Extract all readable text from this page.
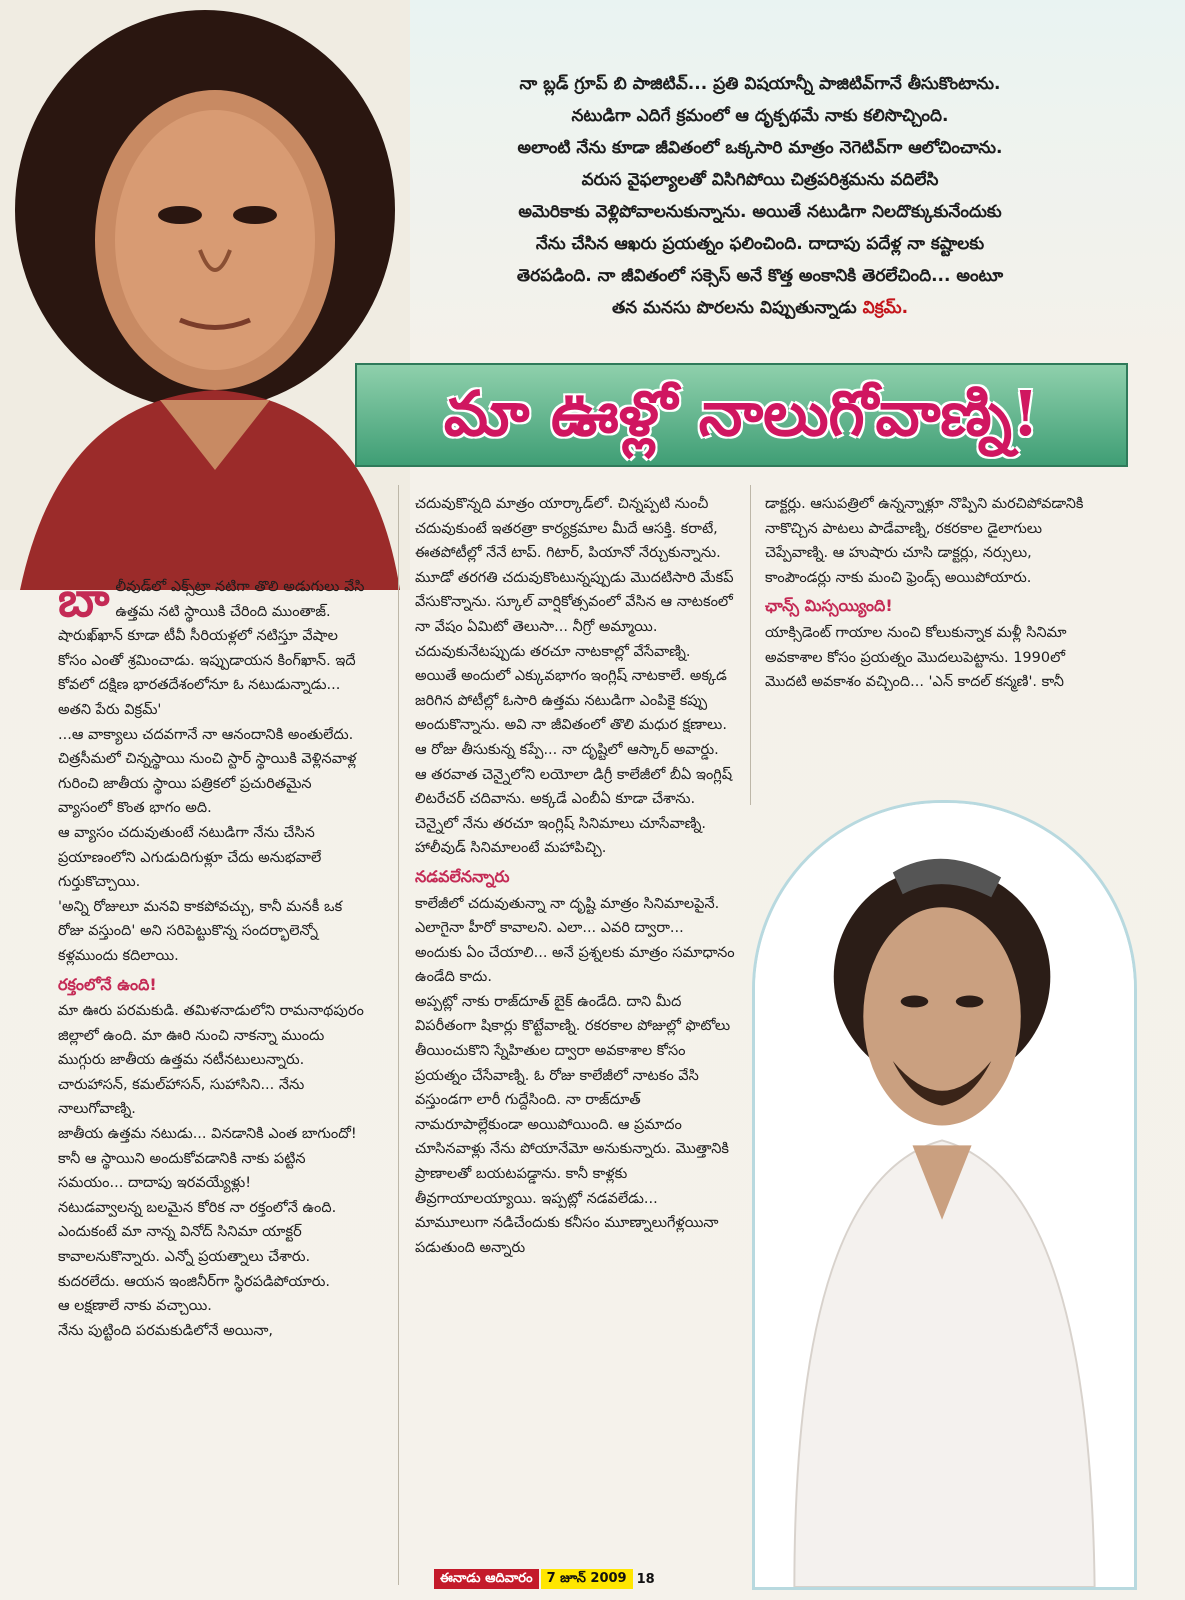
నా బ్లడ్ గ్రూప్ బి పాజిటివ్... ప్రతి విషయాన్నీ పాజిటివ్‌గానే తీసుకొంటాను.
నటుడిగా ఎదిగే క్రమంలో ఆ దృక్పథమే నాకు కలిసొచ్చింది.
అలాంటి నేను కూడా జీవితంలో ఒక్కసారి మాత్రం నెగెటివ్‌గా ఆలోచించాను.
వరుస వైఫల్యాలతో విసిగిపోయి చిత్రపరిశ్రమను వదిలేసి
అమెరికాకు వెళ్లిపోవాలనుకున్నాను. అయితే నటుడిగా నిలదొక్కుకునేందుకు
నేను చేసిన ఆఖరు ప్రయత్నం ఫలించింది. దాదాపు పదేళ్ల నా కష్టాలకు
తెరపడింది. నా జీవితంలో సక్సెస్ అనే కొత్త అంకానికి తెరలేచింది... అంటూ
తన మనసు పొరలను విప్పుతున్నాడు విక్రమ్.
మా ఊళ్లో నాలుగోవాణ్ని!

బాలీవుడ్‌లో ఎక్స్‌ట్రా నటిగా తొలి అడుగులు వేసి ఉత్తమ నటి స్థాయికి చేరింది ముంతాజ్. షారుఖ్‌ఖాన్ కూడా టీవీ సీరియళ్లలో నటిస్తూ వేషాల కోసం ఎంతో శ్రమించాడు. ఇప్పుడాయన కింగ్‌ఖాన్. ఇదే కోవలో దక్షిణ భారతదేశంలోనూ ఓ నటుడున్నాడు... అతని పేరు విక్రమ్'

...ఆ వాక్యాలు చదవగానే నా ఆనందానికి అంతులేదు. చిత్రసీమలో చిన్నస్థాయి నుంచి స్టార్ స్థాయికి వెళ్లినవాళ్ల గురించి జాతీయ స్థాయి పత్రికలో ప్రచురితమైన వ్యాసంలో కొంత భాగం అది.

ఆ వ్యాసం చదువుతుంటే నటుడిగా నేను చేసిన ప్రయాణంలోని ఎగుడుదిగుళ్లూ చేదు అనుభవాలే గుర్తుకొచ్చాయి.

'అన్ని రోజులూ మనవి కాకపోవచ్చు, కానీ మనకీ ఒక రోజు వస్తుంది' అని సరిపెట్టుకొన్న సందర్భాలెన్నో కళ్లముందు కదిలాయి.

రక్తంలోనే ఉంది!

మా ఊరు పరమకుడి. తమిళనాడులోని రామనాథపురం జిల్లాలో ఉంది. మా ఊరి నుంచి నాకన్నా ముందు ముగ్గురు జాతీయ ఉత్తమ నటీనటులున్నారు.

చారుహాసన్, కమల్‌హాసన్, సుహాసిని... నేను నాలుగోవాణ్ని.

జాతీయ ఉత్తమ నటుడు... వినడానికి ఎంత బాగుందో!

కానీ ఆ స్థాయిని అందుకోవడానికి నాకు పట్టిన సమయం... దాదాపు ఇరవయ్యేళ్లు!

నటుడవ్వాలన్న బలమైన కోరిక నా రక్తంలోనే ఉంది. ఎందుకంటే మా నాన్న వినోద్ సినిమా యాక్టర్ కావాలనుకొన్నారు. ఎన్నో ప్రయత్నాలు చేశారు. కుదరలేదు. ఆయన ఇంజినీర్‌గా స్థిరపడిపోయారు.

ఆ లక్షణాలే నాకు వచ్చాయి.

నేను పుట్టింది పరమకుడిలోనే అయినా,

చదువుకొన్నది మాత్రం యార్కాడ్‌లో. చిన్నప్పటి నుంచీ చదువుకుంటే ఇతరత్రా కార్యక్రమాల మీదే ఆసక్తి. కరాటే, ఈతపోటీల్లో నేనే టాప్. గిటార్, పియానో నేర్చుకున్నాను.

మూడో తరగతి చదువుకొంటున్నప్పుడు మొదటిసారి మేకప్ వేసుకొన్నాను. స్కూల్ వార్షికోత్సవంలో వేసిన ఆ నాటకంలో నా వేషం ఏమిటో తెలుసా... నీగ్రో అమ్మాయి.

చదువుకునేటప్పుడు తరచూ నాటకాల్లో వేసేవాణ్ని. అయితే అందులో ఎక్కువభాగం ఇంగ్లిష్ నాటకాలే. అక్కడ జరిగిన పోటీల్లో ఓసారి ఉత్తమ నటుడిగా ఎంపికై కప్పు అందుకొన్నాను. అవి నా జీవితంలో తొలి మధుర క్షణాలు. ఆ రోజు తీసుకున్న కప్పే... నా దృష్టిలో ఆస్కార్ అవార్డు.

ఆ తరవాత చెన్నైలోని లయోలా డిగ్రీ కాలేజీలో బీఏ ఇంగ్లిష్ లిటరేచర్ చదివాను. అక్కడే ఎంబీఏ కూడా చేశాను. చెన్నైలో నేను తరచూ ఇంగ్లిష్ సినిమాలు చూసేవాణ్ని. హాలీవుడ్ సినిమాలంటే మహాపిచ్చి.

నడవలేనన్నారు

కాలేజీలో చదువుతున్నా నా దృష్టి మాత్రం సినిమాలపైనే. ఎలాగైనా హీరో కావాలని. ఎలా... ఎవరి ద్వారా... అందుకు ఏం చేయాలి... అనే ప్రశ్నలకు మాత్రం సమాధానం ఉండేది కాదు.

అప్పట్లో నాకు రాజ్‌దూత్ బైక్ ఉండేది. దాని మీద విపరీతంగా షికార్లు కొట్టేవాణ్ని. రకరకాల పోజుల్లో ఫొటోలు తీయించుకొని స్నేహితుల ద్వారా అవకాశాల కోసం ప్రయత్నం చేసేవాణ్ని. ఓ రోజు కాలేజీలో నాటకం వేసి వస్తుండగా లారీ గుద్దేసింది. నా రాజ్‌దూత్ నామరూపాల్లేకుండా అయిపోయింది. ఆ ప్రమాదం చూసినవాళ్లు నేను పోయానేమో అనుకున్నారు. మొత్తానికి ప్రాణాలతో బయటపడ్డాను. కానీ కాళ్లకు తీవ్రగాయాలయ్యాయి. ఇప్పట్లో నడవలేడు... మామూలుగా నడిచేందుకు కనీసం మూణ్నాలుగేళ్లయినా పడుతుంది అన్నారు

డాక్టర్లు. ఆసుపత్రిలో ఉన్నన్నాళ్లూ నొప్పిని మరచిపోవడానికి నాకొచ్చిన పాటలు పాడేవాణ్ని, రకరకాల డైలాగులు చెప్పేవాణ్ని. ఆ హుషారు చూసి డాక్టర్లు, నర్సులు, కాంపౌండర్లు నాకు మంచి ఫ్రెండ్స్ అయిపోయారు.

ఛాన్స్ మిస్సయ్యింది!

యాక్సిడెంట్ గాయాల నుంచి కోలుకున్నాక మళ్లీ సినిమా అవకాశాల కోసం ప్రయత్నం మొదలుపెట్టాను. 1990లో మొదటి అవకాశం వచ్చింది... 'ఎన్ కాదల్ కన్మణి'. కానీ

ఈనాడు ఆదివారం	7 జూన్ 2009 18
